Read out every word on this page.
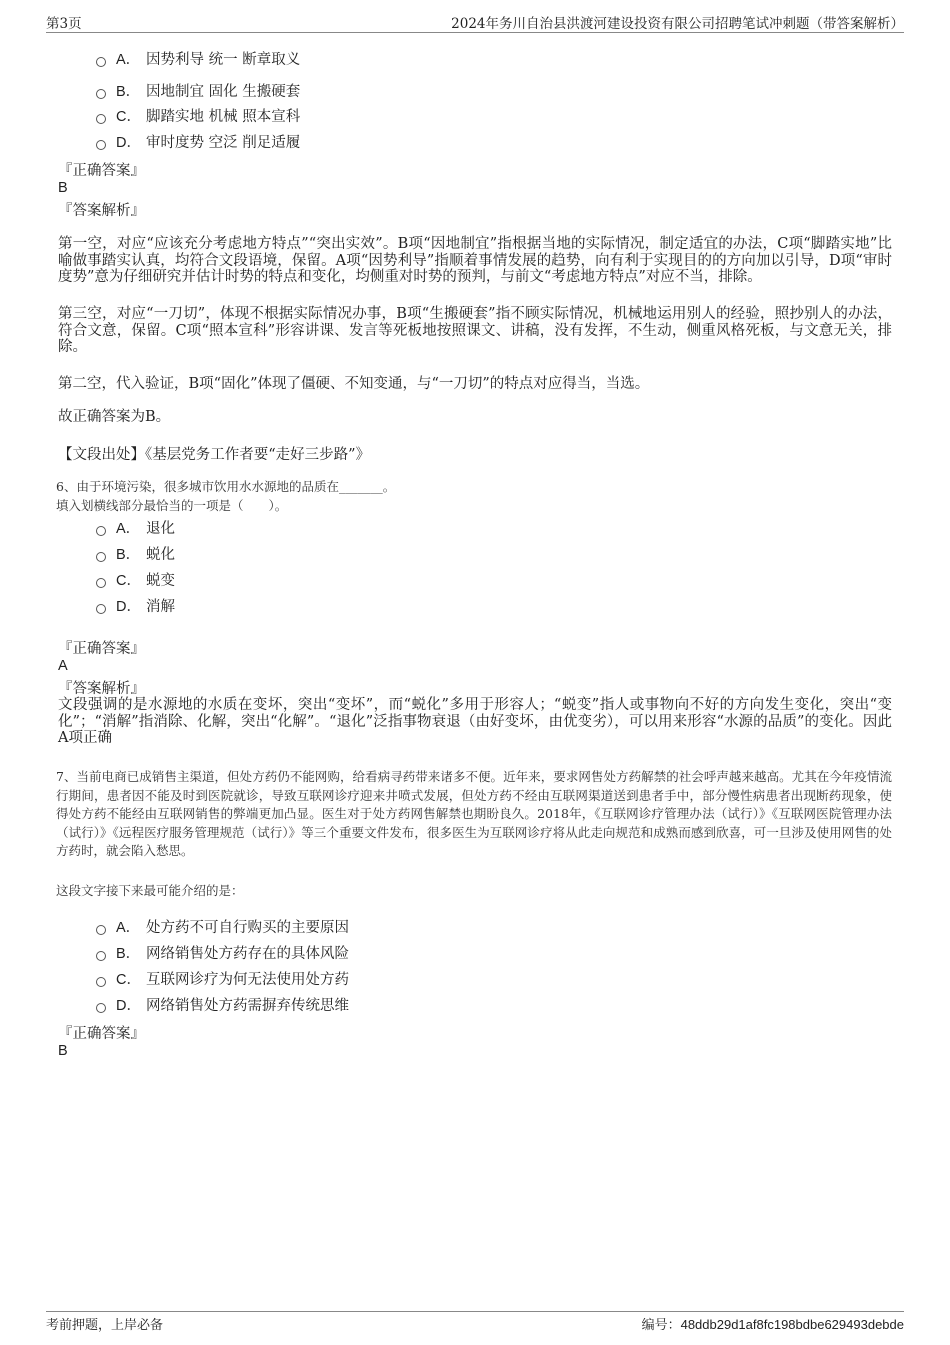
第3页	2024年务川自治县洪渡河建设投资有限公司招聘笔试冲刺题（带答案解析）
A． 因势利导 统一 断章取义
B． 因地制宜 固化 生搬硬套
C． 脚踏实地 机械 照本宣科
D． 审时度势 空泛 削足适履
『正确答案』
B
『答案解析』
第一空，对应“应该充分考虑地方特点”“突出实效”。B项“因地制宜”指根据当地的实际情况，制定适宜的办法，C项“脚踏实地”比喻做事踏实认真，均符合文段语境，保留。A项“因势利导”指顺着事情发展的趋势，向有利于实现目的的方向加以引导，D项“审时度势”意为仔细研究并估计时势的特点和变化，均侧重对时势的预判，与前文“考虑地方特点”对应不当，排除。
第三空，对应“一刀切”，体现不根据实际情况办事，B项“生搬硬套”指不顾实际情况，机械地运用别人的经验，照抄别人的办法，符合文意，保留。C项“照本宣科”形容讲课、发言等死板地按照课文、讲稿，没有发挥，不生动，侧重风格死板，与文意无关，排除。
第二空，代入验证，B项“固化”体现了僵硬、不知变通，与“一刀切”的特点对应得当，当选。
故正确答案为B。
【文段出处】《基层党务工作者要“走好三步路”》
6、由于环境污染，很多城市饮用水水源地的品质在_______。
填入划横线部分最恰当的一项是（　　）。
A． 退化
B． 蜕化
C． 蜕变
D． 消解
『正确答案』
A
『答案解析』
文段强调的是水源地的水质在变坏，突出“变坏”，而“蜕化”多用于形容人；“蜕变”指人或事物向不好的方向发生变化，突出“变化”；“消解”指消除、化解，突出“化解”。“退化”泛指事物衰退（由好变坏，由优变劣），可以用来形容“水源的品质”的变化。因此A项正确
7、当前电商已成销售主渠道，但处方药仍不能网购，给看病寻药带来诸多不便。近年来，要求网售处方药解禁的社会呼声越来越高。尤其在今年疫情流行期间，患者因不能及时到医院就诊，导致互联网诊疗迎来井喷式发展，但处方药不经由互联网渠道送到患者手中，部分慢性病患者出现断药现象，使得处方药不能经由互联网销售的弊端更加凸显。医生对于处方药网售解禁也期盼良久。2018年，《互联网诊疗管理办法（试行）》《互联网医院管理办法（试行）》《远程医疗服务管理规范（试行）》等三个重要文件发布，很多医生为互联网诊疗将从此走向规范和成熟而感到欣喜，可一旦涉及使用网售的处方药时，就会陷入愁思。
这段文字接下来最可能介绍的是：
A． 处方药不可自行购买的主要原因
B． 网络销售处方药存在的具体风险
C． 互联网诊疗为何无法使用处方药
D． 网络销售处方药需摒弃传统思维
『正确答案』
B
考前押题，上岸必备	编号：48ddb29d1af8fc198bdbe629493debde
